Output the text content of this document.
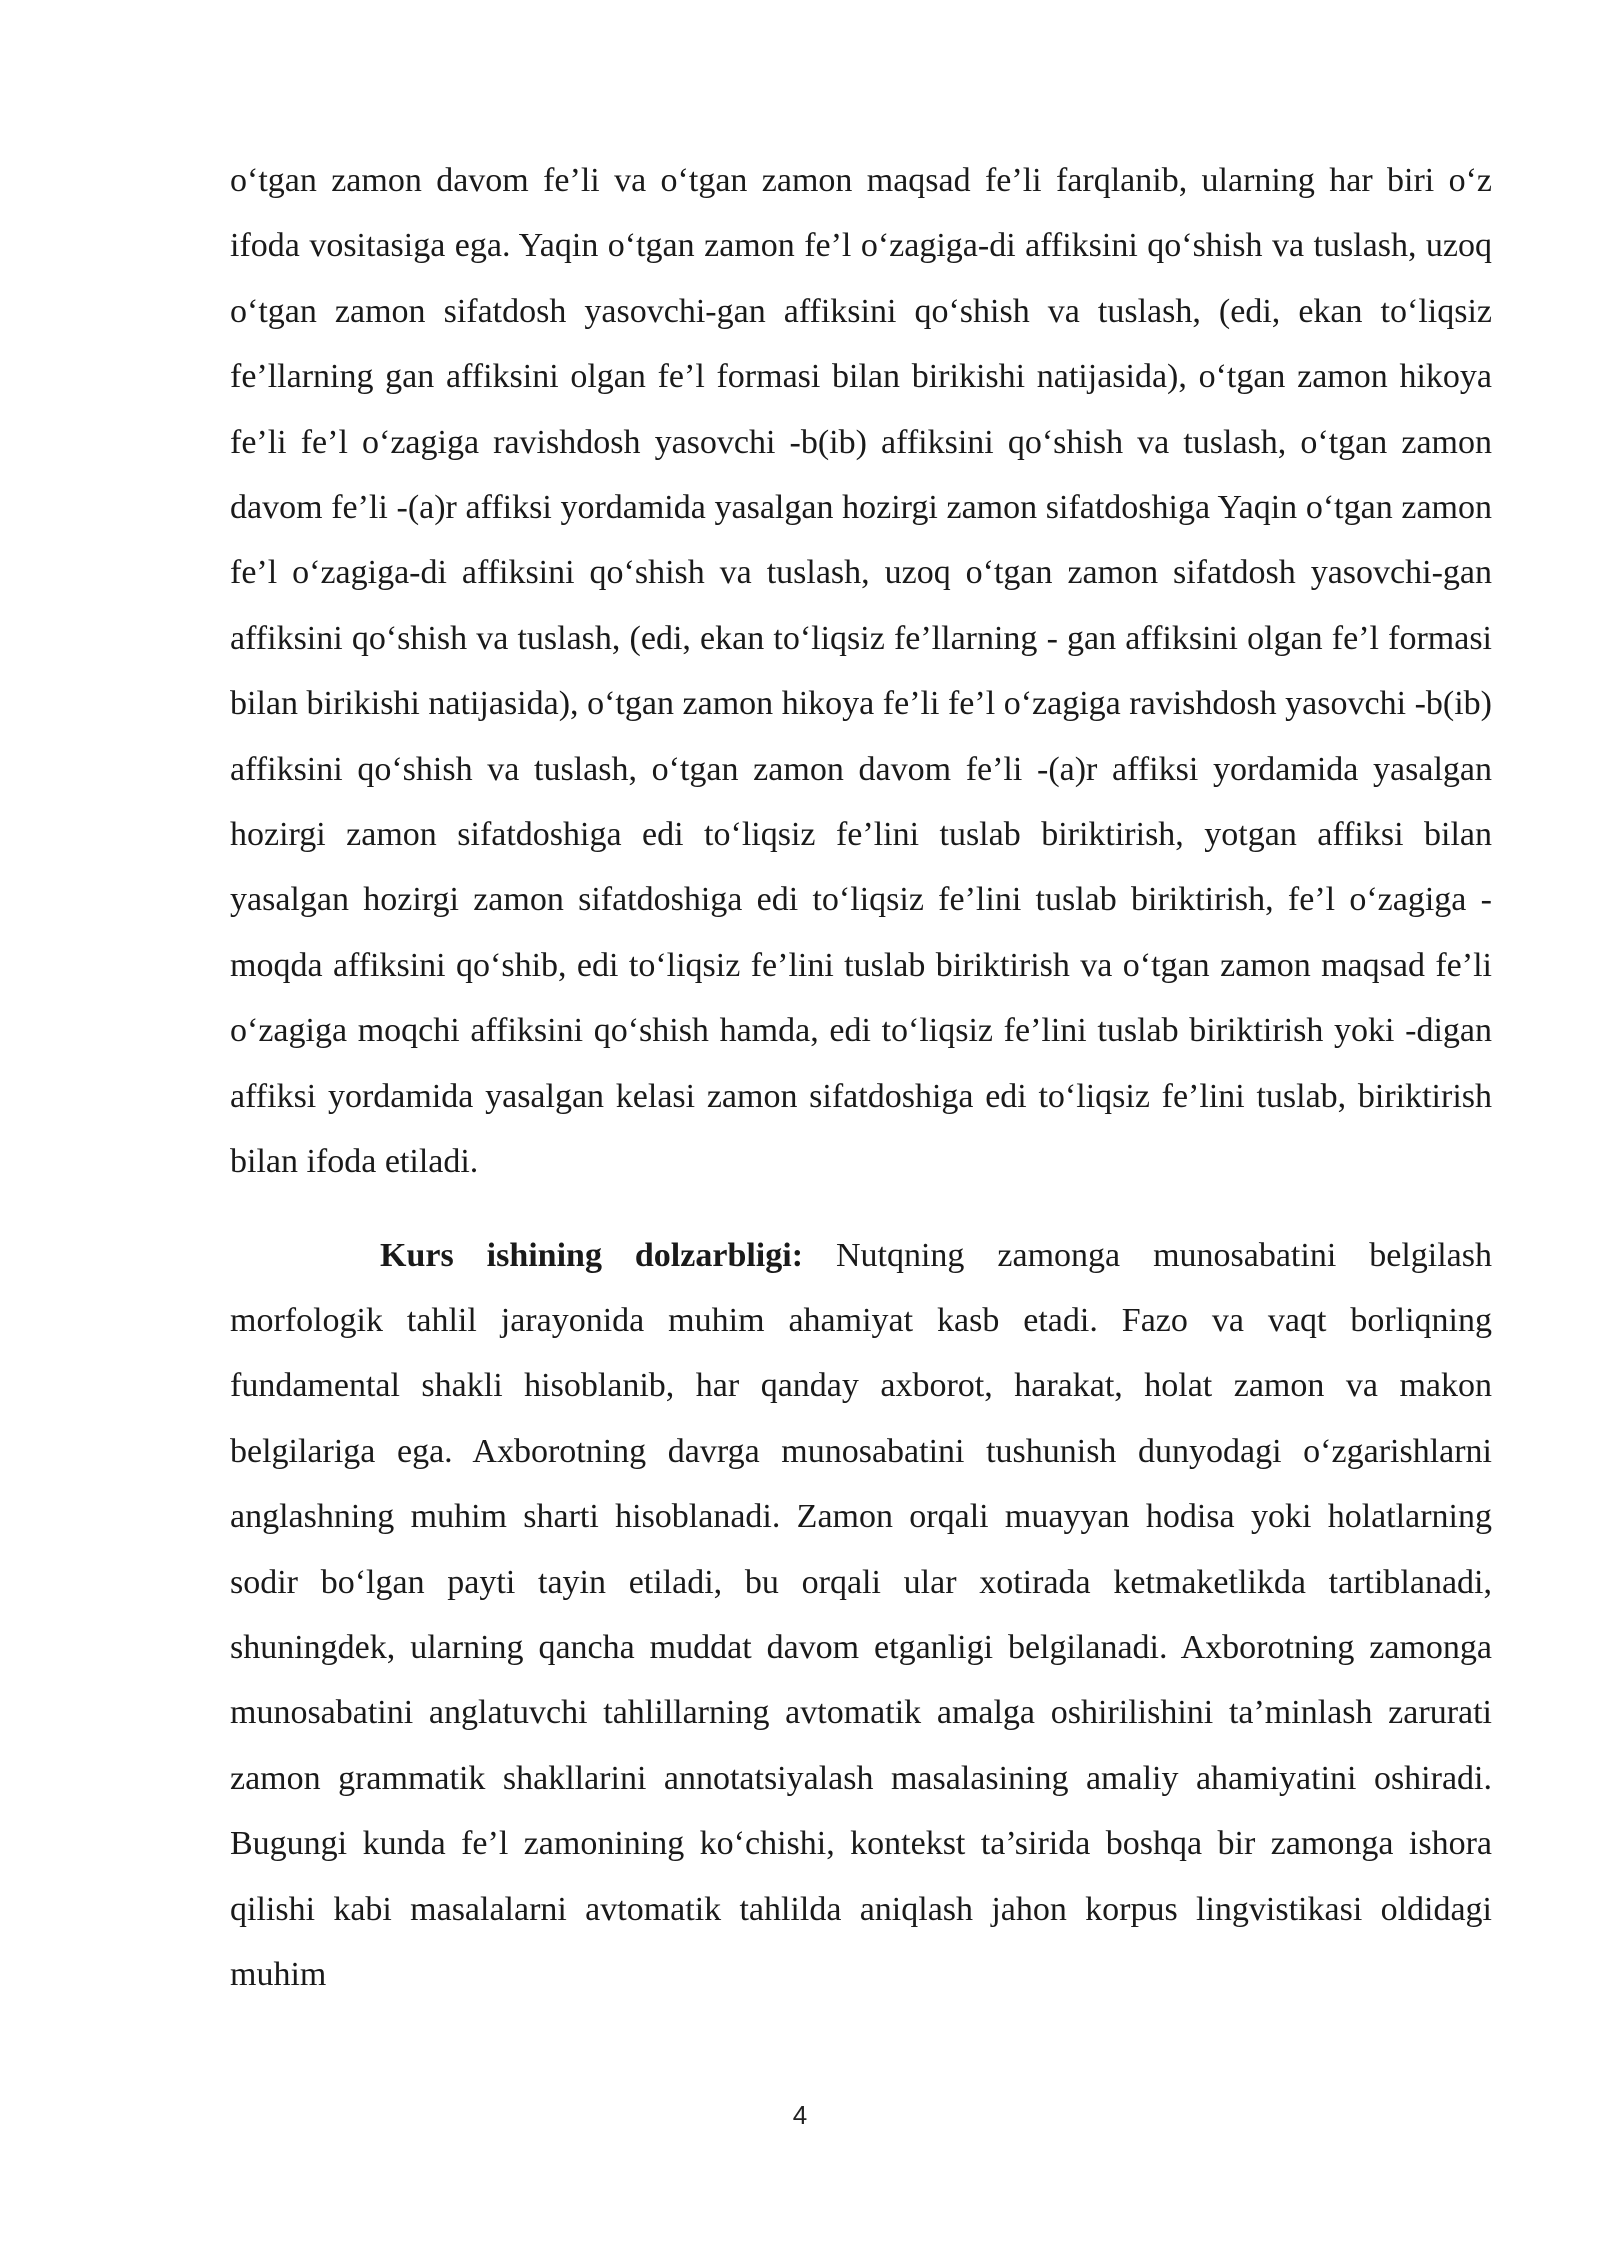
o‘tgan zamon davom fe’li va o‘tgan zamon maqsad fe’li farqlanib, ularning har biri o‘z ifoda vositasiga ega. Yaqin o‘tgan zamon fe’l o‘zagiga-di affiksini qo‘shish va tuslash, uzoq o‘tgan zamon sifatdosh yasovchi-gan affiksini qo‘shish va tuslash, (edi, ekan to‘liqsiz fe’llarning gan affiksini olgan fe’l formasi bilan birikishi natijasida), o‘tgan zamon hikoya fe’li fe’l o‘zagiga ravishdosh yasovchi -b(ib) affiksini qo‘shish va tuslash, o‘tgan zamon davom fe’li -(a)r affiksi yordamida yasalgan hozirgi zamon sifatdoshiga Yaqin o‘tgan zamon fe’l o‘zagiga-di affiksini qo‘shish va tuslash, uzoq o‘tgan zamon sifatdosh yasovchi-gan affiksini qo‘shish va tuslash, (edi, ekan to‘liqsiz fe’llarning - gan affiksini olgan fe’l formasi bilan birikishi natijasida), o‘tgan zamon hikoya fe’li fe’l o‘zagiga ravishdosh yasovchi -b(ib) affiksini qo‘shish va tuslash, o‘tgan zamon davom fe’li -(a)r affiksi yordamida yasalgan hozirgi zamon sifatdoshiga edi to‘liqsiz fe’lini tuslab biriktirish, yotgan affiksi bilan yasalgan hozirgi zamon sifatdoshiga edi to‘liqsiz fe’lini tuslab biriktirish, fe’l o‘zagiga -moqda affiksini qo‘shib, edi to‘liqsiz fe’lini tuslab biriktirish va o‘tgan zamon maqsad fe’li o‘zagiga moqchi affiksini qo‘shish hamda, edi to‘liqsiz fe’lini tuslab biriktirish yoki -digan affiksi yordamida yasalgan kelasi zamon sifatdoshiga edi to‘liqsiz fe’lini tuslab, biriktirish bilan ifoda etiladi.

Kurs ishining dolzarbligi: Nutqning zamonga munosabatini belgilash morfologik tahlil jarayonida muhim ahamiyat kasb etadi. Fazo va vaqt borliqning fundamental shakli hisoblanib, har qanday axborot, harakat, holat zamon va makon belgilariga ega. Axborotning davrga munosabatini tushunish dunyodagi o‘zgarishlarni anglashning muhim sharti hisoblanadi. Zamon orqali muayyan hodisa yoki holatlarning sodir bo‘lgan payti tayin etiladi, bu orqali ular xotirada ketmaketlikda tartiblanadi, shuningdek, ularning qancha muddat davom etganligi belgilanadi. Axborotning zamonga munosabatini anglatuvchi tahlillarning avtomatik amalga oshirilishini ta’minlash zarurati zamon grammatik shakllarini annotatsiyalash masalasining amaliy ahamiyatini oshiradi. Bugungi kunda fe’l zamonining ko‘chishi, kontekst ta’sirida boshqa bir zamonga ishora qilishi kabi masalalarni avtomatik tahlilda aniqlash jahon korpus lingvistikasi oldidagi muhim

4
